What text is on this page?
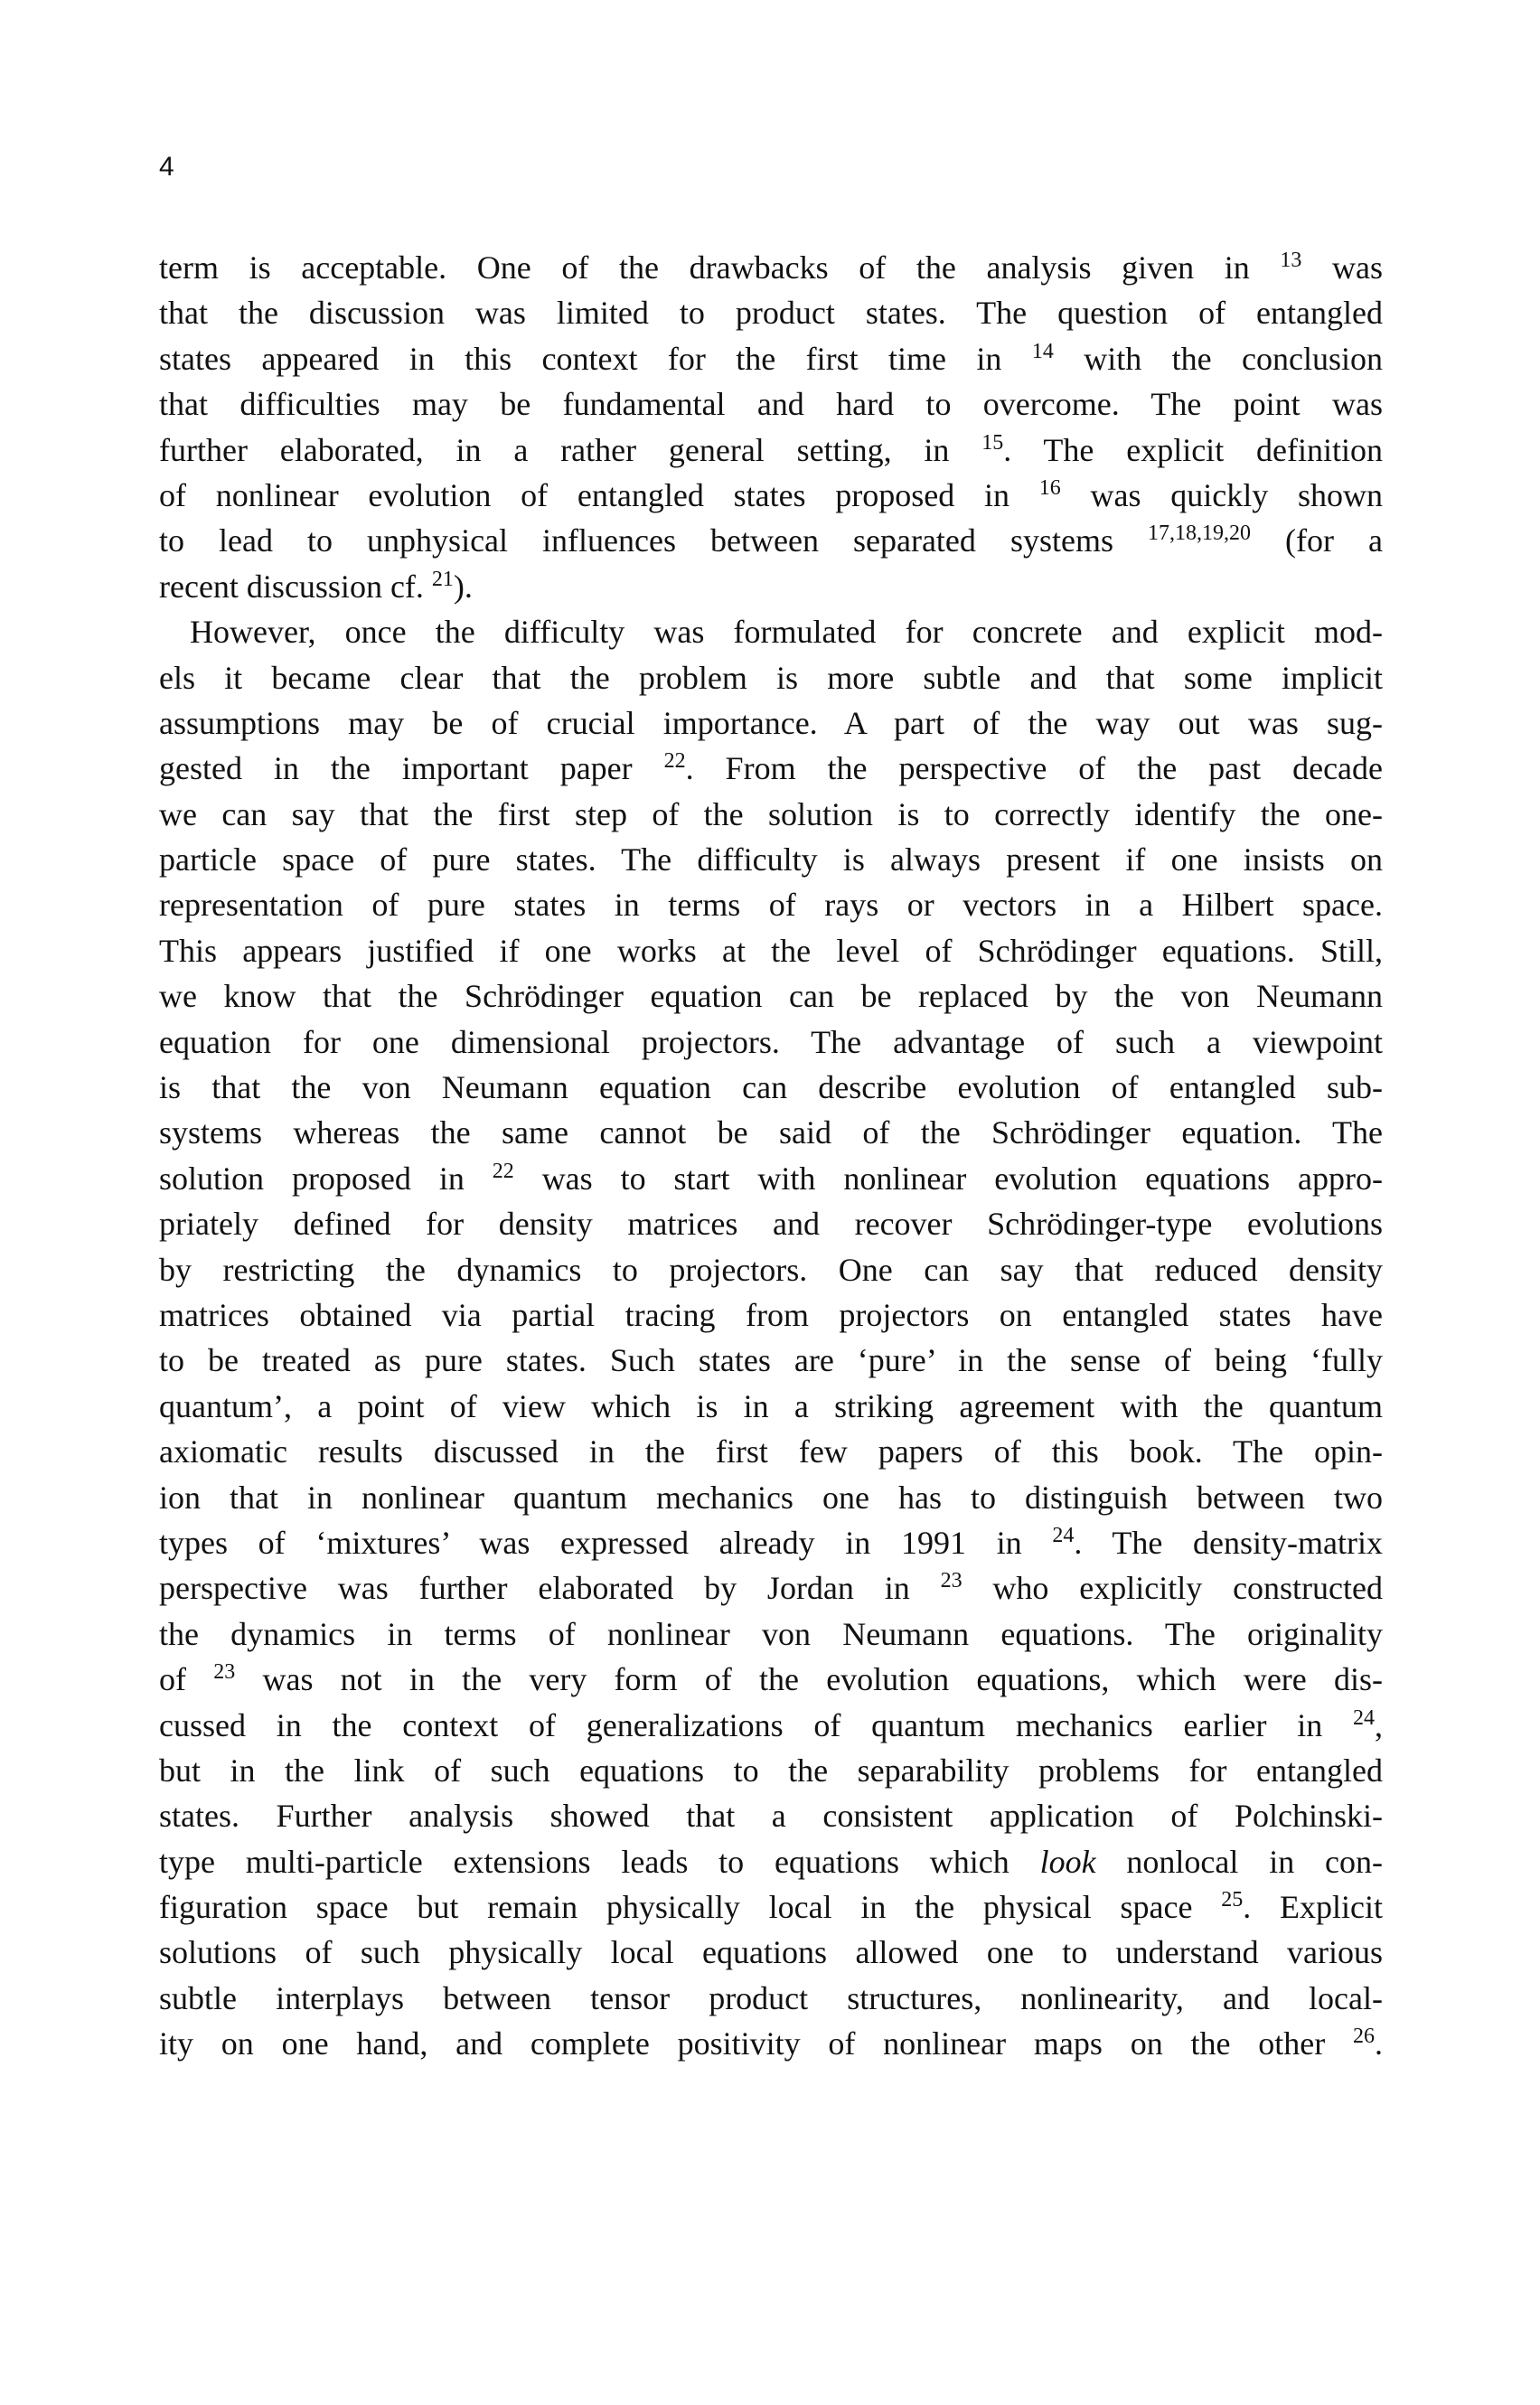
4
term is acceptable. One of the drawbacks of the analysis given in $^{13}$ was
that the discussion was limited to product states. The question of entangled
states appeared in this context for the first time in $^{14}$ with the conclusion
that difficulties may be fundamental and hard to overcome. The point was
further elaborated, in a rather general setting, in $^{15}$. The explicit definition
of nonlinear evolution of entangled states proposed in $^{16}$ was quickly shown
to lead to unphysical influences between separated systems $^{17,18,19,20}$ (for a
recent discussion cf. $^{21}$).
However, once the difficulty was formulated for concrete and explicit mod-
els it became clear that the problem is more subtle and that some implicit
assumptions may be of crucial importance. A part of the way out was sug-
gested in the important paper $^{22}$. From the perspective of the past decade
we can say that the first step of the solution is to correctly identify the one-
particle space of pure states. The difficulty is always present if one insists on
representation of pure states in terms of rays or vectors in a Hilbert space.
This appears justified if one works at the level of Schrödinger equations. Still,
we know that the Schrödinger equation can be replaced by the von Neumann
equation for one dimensional projectors. The advantage of such a viewpoint
is that the von Neumann equation can describe evolution of entangled sub-
systems whereas the same cannot be said of the Schrödinger equation. The
solution proposed in $^{22}$ was to start with nonlinear evolution equations appro-
priately defined for density matrices and recover Schrödinger-type evolutions
by restricting the dynamics to projectors. One can say that reduced density
matrices obtained via partial tracing from projectors on entangled states have
to be treated as pure states. Such states are ‘pure’ in the sense of being ‘fully
quantum’, a point of view which is in a striking agreement with the quantum
axiomatic results discussed in the first few papers of this book. The opin-
ion that in nonlinear quantum mechanics one has to distinguish between two
types of ‘mixtures’ was expressed already in 1991 in $^{24}$. The density-matrix
perspective was further elaborated by Jordan in $^{23}$ who explicitly constructed
the dynamics in terms of nonlinear von Neumann equations. The originality
of $^{23}$ was not in the very form of the evolution equations, which were dis-
cussed in the context of generalizations of quantum mechanics earlier in $^{24}$,
but in the link of such equations to the separability problems for entangled
states. Further analysis showed that a consistent application of Polchinski-
type multi-particle extensions leads to equations which look nonlocal in con-
figuration space but remain physically local in the physical space $^{25}$. Explicit
solutions of such physically local equations allowed one to understand various
subtle interplays between tensor product structures, nonlinearity, and local-
ity on one hand, and complete positivity of nonlinear maps on the other $^{26}$.
